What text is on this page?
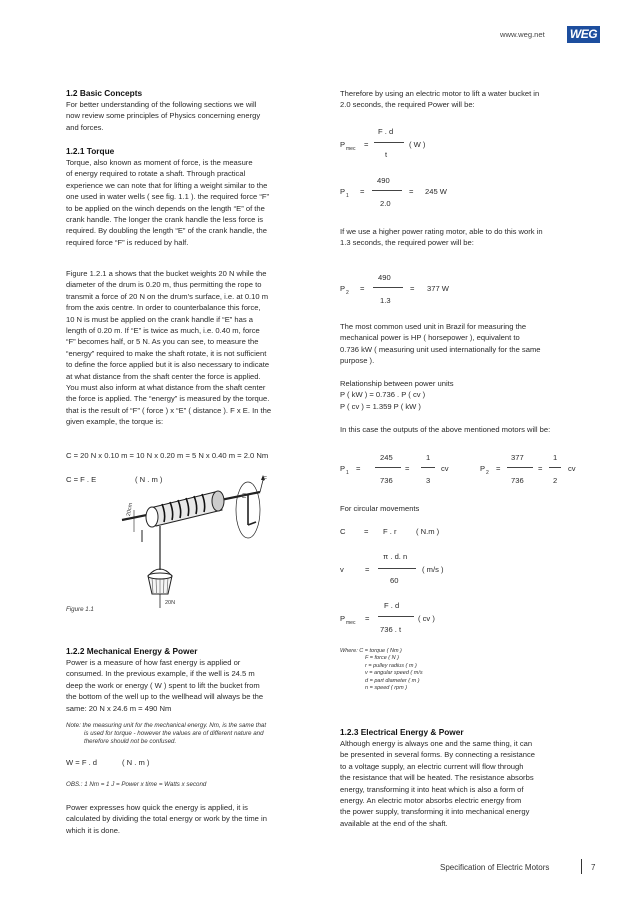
www.weg.net WEG
1.2 Basic Concepts
For better understanding of the following sections we will
now review some principles of Physics concerning energy
and forces.
1.2.1 Torque
Torque, also known as moment of force, is the measure
of energy required to rotate a shaft. Through practical
experience we can note that for lifting a weight similar to the
one used in water wells ( see fig. 1.1 ). the required force “F”
to be applied on the winch depends on the length “E” of the
crank handle. The longer the crank handle the less force is
required. By doubling the length “E” of the crank handle, the
required force “F” is reduced by half.
Figure 1.2.1 a shows that the bucket weights 20 N while the
diameter of the drum is 0.20 m, thus permitting the rope to
transmit a force of 20 N on the drum’s surface, i.e. at 0.10 m
from the axis centre. In order to counterbalance this force,
10 N is must be applied on the crank handle if “E” has a
length of 0.20 m. If “E” is twice as much, i.e. 0.40 m, force
“F” becomes half, or 5 N. As you can see, to measure the
“energy” required to make the shaft rotate, it is not sufficient
to define the force applied but it is also necessary to indicate
at what distance from the shaft center the force is applied.
You must also inform at what distance from the shaft center
the force is applied. The “energy” is measured by the torque.
that is the result of “F” ( force ) x “E” ( distance ). F x E. In the
given example, the torque is:
C = 20 N x 0.10 m = 10 N x 0.20 m = 5 N x 0.40 m = 2.0 Nm
C = F . E	( N . m )	F
E
20cm
20N
Figure 1.1
1.2.2 Mechanical Energy & Power
Power is a measure of how fast energy is applied or
consumed. In the previous example, if the well is 24.5 m
deep the work or energy ( W ) spent to lift the bucket from
the bottom of the well up to the wellhead will always be the
same: 20 N x 24.6 m = 490 Nm
Note: the measuring unit for the mechanical energy. Nm, is the same that
is used for torque - however the values are of different nature and
therefore should not be confused.
W = F . d	( N . m )
OBS.: 1 Nm = 1 J = Power x time = Watts x second
Power expresses how quick the energy is applied, it is
calculated by dividing the total energy or work by the time in
which it is done.
Therefore by using an electric motor to lift a water bucket in
2.0 seconds, the required Power will be:
P mec =
F . d
t
( W )
P 1 =
490
2.0
= 245 W
If we use a higher power rating motor, able to do this work in
1.3 seconds, the required power will be:
P 2 =
490
1.3
= 377 W
The most common used unit in Brazil for measuring the
mechanical power is HP ( horsepower ), equivalent to
0.736 kW ( measuring unit used internationally for the same
purpose ).
Relationship between power units
P ( kW ) = 0.736 . P ( cv )
P ( cv ) = 1.359 P ( kW )
In this case the outputs of the above mentioned motors will be:
P 1 =
245
736
=
1
3
cv	P 2 =
377
736
=
1
2
cv
For circular movements
C = F . r	( N.m )
v	=
π . d. n
60
( m/s )
P mec =
F . d
736 . t
( cv )
Where: C = torque ( Nm )
F = force ( N )
r = pulley radius ( m )
v = angular speed ( m/s
d = part diameter ( m )
n = speed ( rpm )
1.2.3 Electrical Energy & Power
Although energy is always one and the same thing, it can
be presented in several forms. By connecting a resistance
to a voltage supply, an electric current will flow through
the resistance that will be heated. The resistance absorbs
energy, transforming it into heat which is also a form of
energy. An electric motor absorbs electric energy from
the power supply, transforming it into mechanical energy
available at the end of the shaft.
Specification of Electric Motors	7
